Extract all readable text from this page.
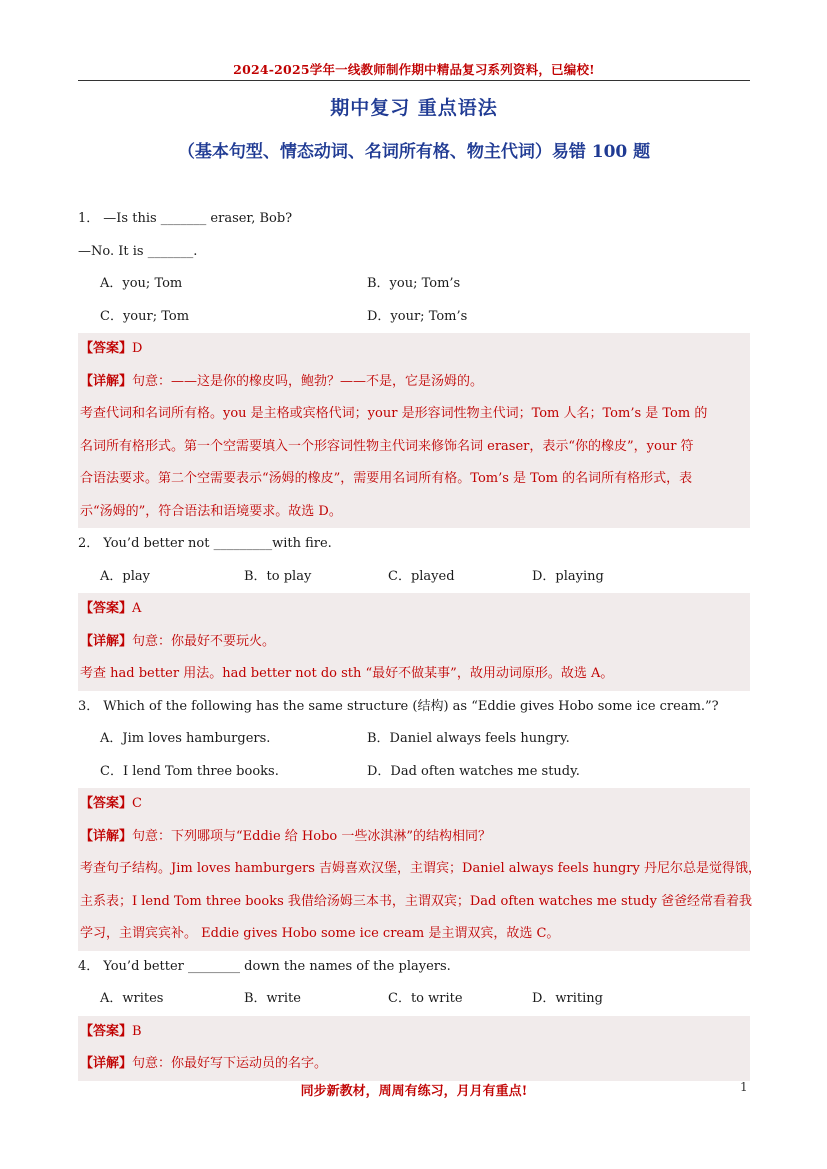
2024-2025学年一线教师制作期中精品复习系列资料，已编校!
期中复习 重点语法
（基本句型、情态动词、名词所有格、物主代词）易错 100 题
1． —Is this _______ eraser, Bob?
—No. It is _______.
A．you; Tom	B．you; Tom’s
C．your; Tom	D．your; Tom’s
【答案】D
【详解】句意：——这是你的橡皮吗，鲍勃？——不是，它是汤姆的。
考查代词和名词所有格。you 是主格或宾格代词；your 是形容词性物主代词；Tom 人名；Tom’s 是 Tom 的
名词所有格形式。第一个空需要填入一个形容词性物主代词来修饰名词 eraser，表示“你的橡皮”，your 符
合语法要求。第二个空需要表示“汤姆的橡皮”，需要用名词所有格。Tom’s 是 Tom 的名词所有格形式，表
示“汤姆的”，符合语法和语境要求。故选 D。
2． You’d better not _________with fire.
A．play	B．to play	C．played	D．playing
【答案】A
【详解】句意：你最好不要玩火。
考查 had better 用法。had better not do sth “最好不做某事”，故用动词原形。故选 A。
3． Which of the following has the same structure (结构) as “Eddie gives Hobo some ice cream.”?
A．Jim loves hamburgers.	B．Daniel always feels hungry.
C．I lend Tom three books.	D．Dad often watches me study.
【答案】C
【详解】句意：下列哪项与“Eddie 给 Hobo 一些冰淇淋”的结构相同？
考查句子结构。Jim loves hamburgers 吉姆喜欢汉堡，主谓宾；Daniel always feels hungry 丹尼尔总是觉得饿，
主系表；I lend Tom three books 我借给汤姆三本书，主谓双宾；Dad often watches me study 爸爸经常看着我
学习，主谓宾宾补。 Eddie gives Hobo some ice cream 是主谓双宾，故选 C。
4． You’d better ________ down the names of the players.
A．writes	B．write	C．to write	D．writing
【答案】B
【详解】句意：你最好写下运动员的名字。
同步新教材，周周有练习，月月有重点!	1
